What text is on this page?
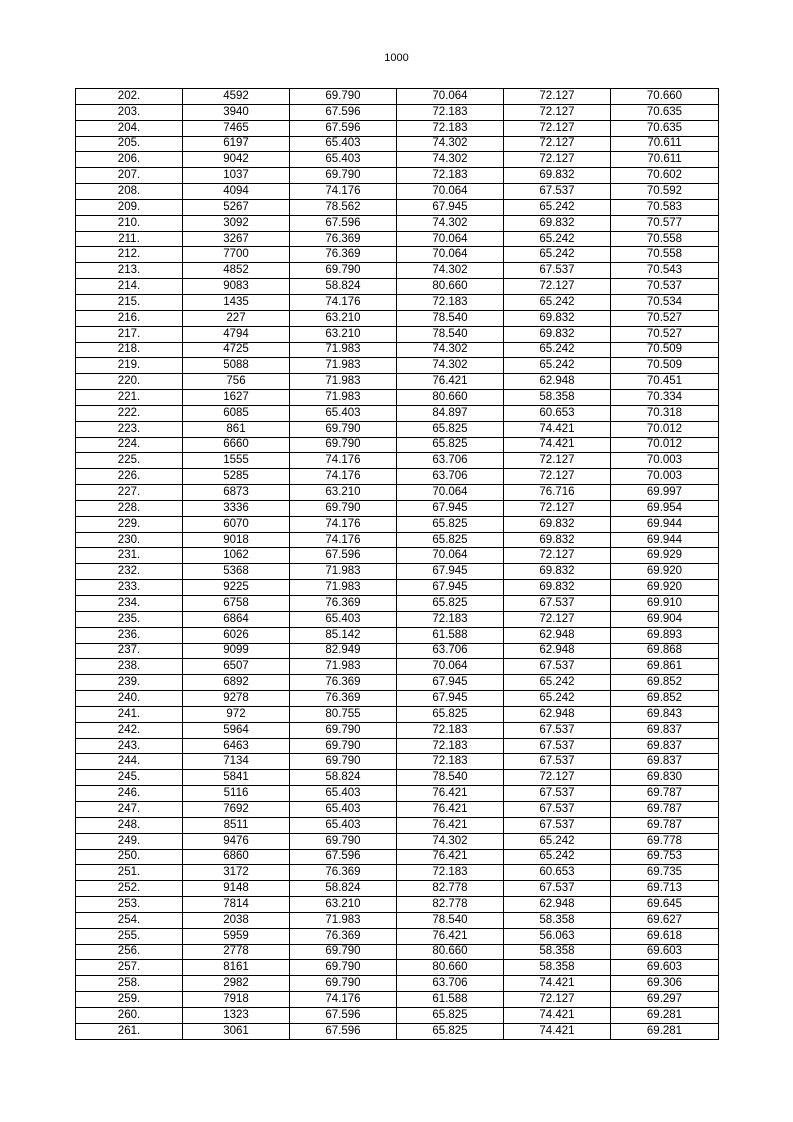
1000
202.	4592	69.790	70.064	72.127	70.660
203.	3940	67.596	72.183	72.127	70.635
204.	7465	67.596	72.183	72.127	70.635
205.	6197	65.403	74.302	72.127	70.611
206.	9042	65.403	74.302	72.127	70.611
207.	1037	69.790	72.183	69.832	70.602
208.	4094	74.176	70.064	67.537	70.592
209.	5267	78.562	67.945	65.242	70.583
210.	3092	67.596	74.302	69.832	70.577
211.	3267	76.369	70.064	65.242	70.558
212.	7700	76.369	70.064	65.242	70.558
213.	4852	69.790	74.302	67.537	70.543
214.	9083	58.824	80.660	72.127	70.537
215.	1435	74.176	72.183	65.242	70.534
216.	227	63.210	78.540	69.832	70.527
217.	4794	63.210	78.540	69.832	70.527
218.	4725	71.983	74.302	65.242	70.509
219.	5088	71.983	74.302	65.242	70.509
220.	756	71.983	76.421	62.948	70.451
221.	1627	71.983	80.660	58.358	70.334
222.	6085	65.403	84.897	60.653	70.318
223.	861	69.790	65.825	74.421	70.012
224.	6660	69.790	65.825	74.421	70.012
225.	1555	74.176	63.706	72.127	70.003
226.	5285	74.176	63.706	72.127	70.003
227.	6873	63.210	70.064	76.716	69.997
228.	3336	69.790	67.945	72.127	69.954
229.	6070	74.176	65.825	69.832	69.944
230.	9018	74.176	65.825	69.832	69.944
231.	1062	67.596	70.064	72.127	69.929
232.	5368	71.983	67.945	69.832	69.920
233.	9225	71.983	67.945	69.832	69.920
234.	6758	76.369	65.825	67.537	69.910
235.	6864	65.403	72.183	72.127	69.904
236.	6026	85.142	61.588	62.948	69.893
237.	9099	82.949	63.706	62.948	69.868
238.	6507	71.983	70.064	67.537	69.861
239.	6892	76.369	67.945	65.242	69.852
240.	9278	76.369	67.945	65.242	69.852
241.	972	80.755	65.825	62.948	69.843
242.	5964	69.790	72.183	67.537	69.837
243.	6463	69.790	72.183	67.537	69.837
244.	7134	69.790	72.183	67.537	69.837
245.	5841	58.824	78.540	72.127	69.830
246.	5116	65.403	76.421	67.537	69.787
247.	7692	65.403	76.421	67.537	69.787
248.	8511	65.403	76.421	67.537	69.787
249.	9476	69.790	74.302	65.242	69.778
250.	6860	67.596	76.421	65.242	69.753
251.	3172	76.369	72.183	60.653	69.735
252.	9148	58.824	82.778	67.537	69.713
253.	7814	63.210	82.778	62.948	69.645
254.	2038	71.983	78.540	58.358	69.627
255.	5959	76.369	76.421	56.063	69.618
256.	2778	69.790	80.660	58.358	69.603
257.	8161	69.790	80.660	58.358	69.603
258.	2982	69.790	63.706	74.421	69.306
259.	7918	74.176	61.588	72.127	69.297
260.	1323	67.596	65.825	74.421	69.281
261.	3061	67.596	65.825	74.421	69.281
